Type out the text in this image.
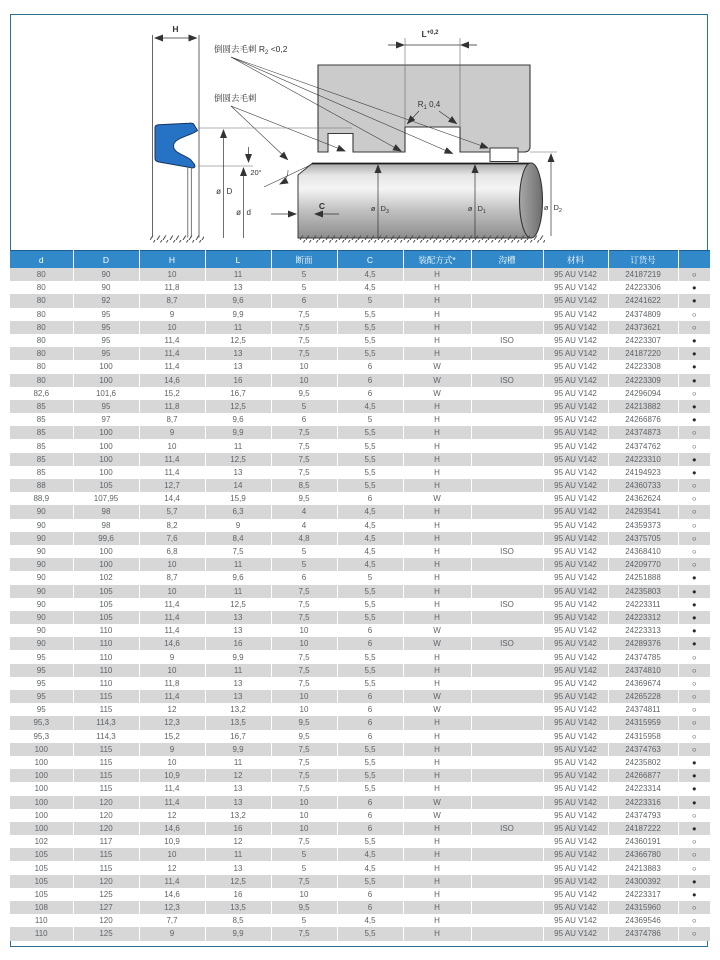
H	$L^{+0,2}$
$R_1$ 0,4
倒圆去毛刺 $R_2 <0,2$
倒圆去毛刺
20°
C
ø D
ø d	ø $D_3$	ø $D_1$	ø $D_2$
d	D	H	L	断面	C	装配方式*	沟槽	材料	订货号	
80	90	10	11	5	4,5	H		95 AU V142	24187219	○
80	90	11,8	13	5	4,5	H		95 AU V142	24223306	●
80	92	8,7	9,6	6	5	H		95 AU V142	24241622	●
80	95	9	9,9	7,5	5,5	H		95 AU V142	24374809	○
80	95	10	11	7,5	5,5	H		95 AU V142	24373621	○
80	95	11,4	12,5	7,5	5,5	H	ISO	95 AU V142	24223307	●
80	95	11,4	13	7,5	5,5	H		95 AU V142	24187220	●
80	100	11,4	13	10	6	W		95 AU V142	24223308	●
80	100	14,6	16	10	6	W	ISO	95 AU V142	24223309	●
82,6	101,6	15,2	16,7	9,5	6	W		95 AU V142	24296094	○
85	95	11,8	12,5	5	4,5	H		95 AU V142	24213882	●
85	97	8,7	9,6	6	5	H		95 AU V142	24266876	●
85	100	9	9,9	7,5	5,5	H		95 AU V142	24374873	○
85	100	10	11	7,5	5,5	H		95 AU V142	24374762	○
85	100	11,4	12,5	7,5	5,5	H		95 AU V142	24223310	●
85	100	11,4	13	7,5	5,5	H		95 AU V142	24194923	●
88	105	12,7	14	8,5	5,5	H		95 AU V142	24360733	○
88,9	107,95	14,4	15,9	9,5	6	W		95 AU V142	24362624	○
90	98	5,7	6,3	4	4,5	H		95 AU V142	24293541	○
90	98	8,2	9	4	4,5	H		95 AU V142	24359373	○
90	99,6	7,6	8,4	4,8	4,5	H		95 AU V142	24375705	○
90	100	6,8	7,5	5	4,5	H	ISO	95 AU V142	24368410	○
90	100	10	11	5	4,5	H		95 AU V142	24209770	○
90	102	8,7	9,6	6	5	H		95 AU V142	24251888	●
90	105	10	11	7,5	5,5	H		95 AU V142	24235803	●
90	105	11,4	12,5	7,5	5,5	H	ISO	95 AU V142	24223311	●
90	105	11,4	13	7,5	5,5	H		95 AU V142	24223312	●
90	110	11,4	13	10	6	W		95 AU V142	24223313	●
90	110	14,6	16	10	6	W	ISO	95 AU V142	24289376	●
95	110	9	9,9	7,5	5,5	H		95 AU V142	24374785	○
95	110	10	11	7,5	5,5	H		95 AU V142	24374810	○
95	110	11,8	13	7,5	5,5	H		95 AU V142	24369674	○
95	115	11,4	13	10	6	W		95 AU V142	24265228	○
95	115	12	13,2	10	6	W		95 AU V142	24374811	○
95,3	114,3	12,3	13,5	9,5	6	H		95 AU V142	24315959	○
95,3	114,3	15,2	16,7	9,5	6	H		95 AU V142	24315958	○
100	115	9	9,9	7,5	5,5	H		95 AU V142	24374763	○
100	115	10	11	7,5	5,5	H		95 AU V142	24235802	●
100	115	10,9	12	7,5	5,5	H		95 AU V142	24266877	●
100	115	11,4	13	7,5	5,5	H		95 AU V142	24223314	●
100	120	11,4	13	10	6	W		95 AU V142	24223316	●
100	120	12	13,2	10	6	W		95 AU V142	24374793	○
100	120	14,6	16	10	6	H	ISO	95 AU V142	24187222	●
102	117	10,9	12	7,5	5,5	H		95 AU V142	24360191	○
105	115	10	11	5	4,5	H		95 AU V142	24366780	○
105	115	12	13	5	4,5	H		95 AU V142	24213883	○
105	120	11,4	12,5	7,5	5,5	H		95 AU V142	24300392	●
105	125	14,6	16	10	6	H		95 AU V142	24223317	●
108	127	12,3	13,5	9,5	6	H		95 AU V142	24315960	○
110	120	7,7	8,5	5	4,5	H		95 AU V142	24369546	○
110	125	9	9,9	7,5	5,5	H		95 AU V142	24374786	○
